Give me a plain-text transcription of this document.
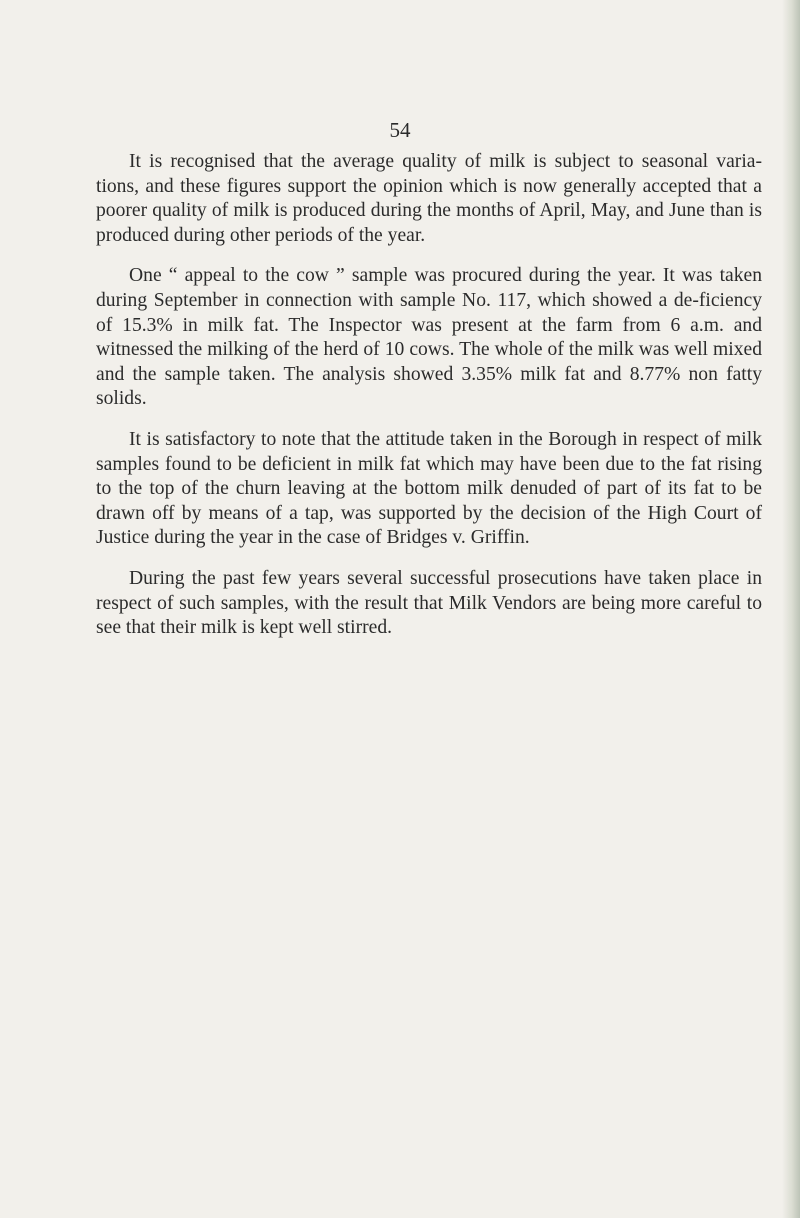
54

It is recognised that the average quality of milk is subject to seasonal varia-tions, and these figures support the opinion which is now generally accepted that a poorer quality of milk is produced during the months of April, May, and June than is produced during other periods of the year.

One “ appeal to the cow ” sample was procured during the year. It was taken during September in connection with sample No. 117, which showed a de-ficiency of 15.3% in milk fat. The Inspector was present at the farm from 6 a.m. and witnessed the milking of the herd of 10 cows. The whole of the milk was well mixed and the sample taken. The analysis showed 3.35% milk fat and 8.77% non fatty solids.

It is satisfactory to note that the attitude taken in the Borough in respect of milk samples found to be deficient in milk fat which may have been due to the fat rising to the top of the churn leaving at the bottom milk denuded of part of its fat to be drawn off by means of a tap, was supported by the decision of the High Court of Justice during the year in the case of Bridges v. Griffin.

During the past few years several successful prosecutions have taken place in respect of such samples, with the result that Milk Vendors are being more careful to see that their milk is kept well stirred.
